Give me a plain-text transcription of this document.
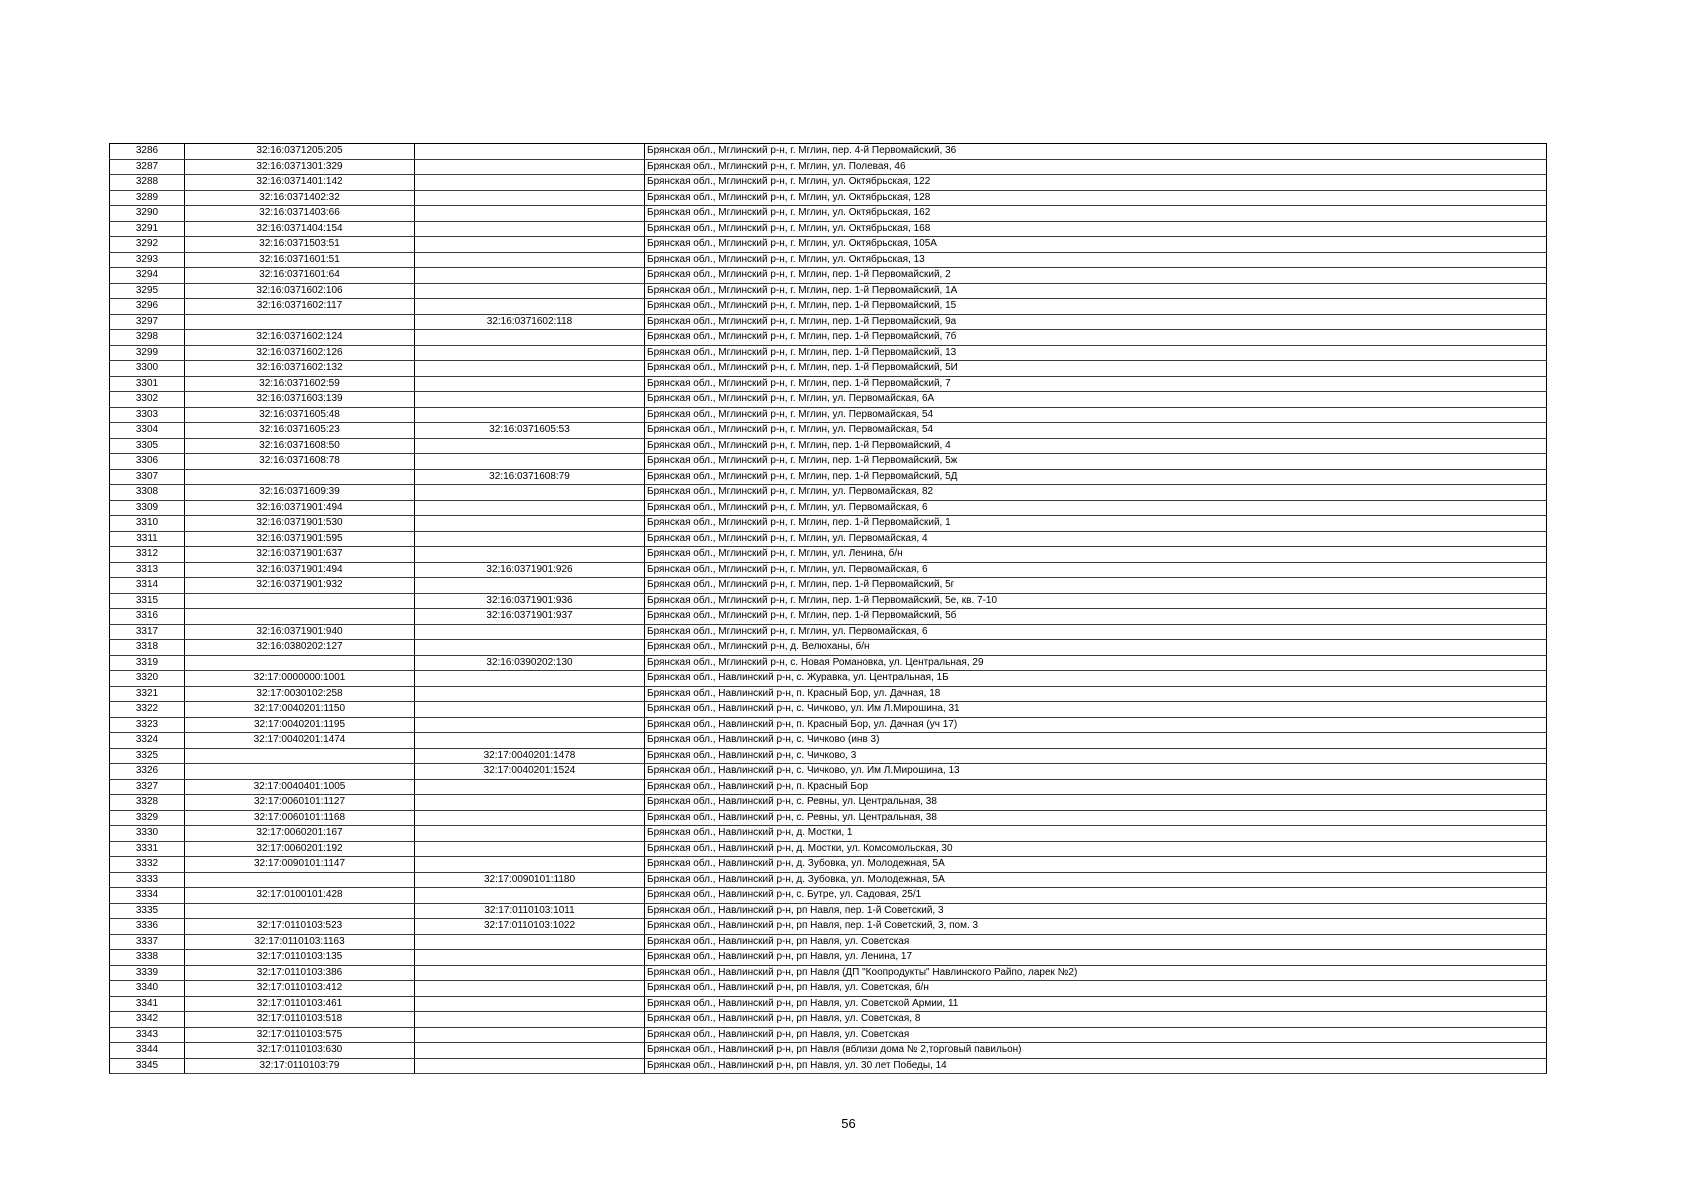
3286	32:16:0371205:205		Брянская обл., Мглинский р-н, г. Мглин, пер. 4-й Первомайский, 36
3287	32:16:0371301:329		Брянская обл., Мглинский р-н, г. Мглин, ул. Полевая, 46
3288	32:16:0371401:142		Брянская обл., Мглинский р-н, г. Мглин, ул. Октябрьская, 122
3289	32:16:0371402:32		Брянская обл., Мглинский р-н, г. Мглин, ул. Октябрьская, 128
3290	32:16:0371403:66		Брянская обл., Мглинский р-н, г. Мглин, ул. Октябрьская, 162
3291	32:16:0371404:154		Брянская обл., Мглинский р-н, г. Мглин, ул. Октябрьская, 168
3292	32:16:0371503:51		Брянская обл., Мглинский р-н, г. Мглин, ул. Октябрьская, 105А
3293	32:16:0371601:51		Брянская обл., Мглинский р-н, г. Мглин, ул. Октябрьская, 13
3294	32:16:0371601:64		Брянская обл., Мглинский р-н, г. Мглин, пер. 1-й Первомайский, 2
3295	32:16:0371602:106		Брянская обл., Мглинский р-н, г. Мглин, пер. 1-й Первомайский, 1А
3296	32:16:0371602:117		Брянская обл., Мглинский р-н, г. Мглин, пер. 1-й Первомайский, 15
3297		32:16:0371602:118	Брянская обл., Мглинский р-н, г. Мглин, пер. 1-й Первомайский, 9а
3298	32:16:0371602:124		Брянская обл., Мглинский р-н, г. Мглин, пер. 1-й Первомайский, 7б
3299	32:16:0371602:126		Брянская обл., Мглинский р-н, г. Мглин, пер. 1-й Первомайский, 13
3300	32:16:0371602:132		Брянская обл., Мглинский р-н, г. Мглин, пер. 1-й Первомайский, 5И
3301	32:16:0371602:59		Брянская обл., Мглинский р-н, г. Мглин, пер. 1-й Первомайский, 7
3302	32:16:0371603:139		Брянская обл., Мглинский р-н, г. Мглин, ул. Первомайская, 6А
3303	32:16:0371605:48		Брянская обл., Мглинский р-н, г. Мглин, ул. Первомайская, 54
3304	32:16:0371605:23	32:16:0371605:53	Брянская обл., Мглинский р-н, г. Мглин, ул. Первомайская, 54
3305	32:16:0371608:50		Брянская обл., Мглинский р-н, г. Мглин, пер. 1-й Первомайский, 4
3306	32:16:0371608:78		Брянская обл., Мглинский р-н, г. Мглин, пер. 1-й Первомайский, 5ж
3307		32:16:0371608:79	Брянская обл., Мглинский р-н, г. Мглин, пер. 1-й Первомайский, 5Д
3308	32:16:0371609:39		Брянская обл., Мглинский р-н, г. Мглин, ул. Первомайская, 82
3309	32:16:0371901:494		Брянская обл., Мглинский р-н, г. Мглин, ул. Первомайская, 6
3310	32:16:0371901:530		Брянская обл., Мглинский р-н, г. Мглин, пер. 1-й Первомайский, 1
3311	32:16:0371901:595		Брянская обл., Мглинский р-н, г. Мглин, ул. Первомайская, 4
3312	32:16:0371901:637		Брянская обл., Мглинский р-н, г. Мглин, ул. Ленина, б/н
3313	32:16:0371901:494	32:16:0371901:926	Брянская обл., Мглинский р-н, г. Мглин, ул. Первомайская, 6
3314	32:16:0371901:932		Брянская обл., Мглинский р-н, г. Мглин, пер. 1-й Первомайский, 5г
3315		32:16:0371901:936	Брянская обл., Мглинский р-н, г. Мглин, пер. 1-й Первомайский, 5е, кв. 7-10
3316		32:16:0371901:937	Брянская обл., Мглинский р-н, г. Мглин, пер. 1-й Первомайский, 5б
3317	32:16:0371901:940		Брянская обл., Мглинский р-н, г. Мглин, ул. Первомайская, 6
3318	32:16:0380202:127		Брянская обл., Мглинский р-н, д. Велюханы, б/н
3319		32:16:0390202:130	Брянская обл., Мглинский р-н, с. Новая Романовка, ул. Центральная, 29
3320	32:17:0000000:1001		Брянская обл., Навлинский р-н, с. Журавка, ул. Центральная, 1Б
3321	32:17:0030102:258		Брянская обл., Навлинский р-н, п. Красный Бор, ул. Дачная, 18
3322	32:17:0040201:1150		Брянская обл., Навлинский р-н, с. Чичково, ул. Им Л.Мирошина, 31
3323	32:17:0040201:1195		Брянская обл., Навлинский р-н, п. Красный Бор, ул. Дачная (уч 17)
3324	32:17:0040201:1474		Брянская обл., Навлинский р-н, с. Чичково (инв 3)
3325		32:17:0040201:1478	Брянская обл., Навлинский р-н, с. Чичково, 3
3326		32:17:0040201:1524	Брянская обл., Навлинский р-н, с. Чичково, ул. Им Л.Мирошина, 13
3327	32:17:0040401:1005		Брянская обл., Навлинский р-н, п. Красный Бор
3328	32:17:0060101:1127		Брянская обл., Навлинский р-н, с. Ревны, ул. Центральная, 38
3329	32:17:0060101:1168		Брянская обл., Навлинский р-н, с. Ревны, ул. Центральная, 38
3330	32:17:0060201:167		Брянская обл., Навлинский р-н, д. Мостки, 1
3331	32:17:0060201:192		Брянская обл., Навлинский р-н, д. Мостки, ул. Комсомольская, 30
3332	32:17:0090101:1147		Брянская обл., Навлинский р-н, д. Зубовка, ул. Молодежная, 5А
3333		32:17:0090101:1180	Брянская обл., Навлинский р-н, д. Зубовка, ул. Молодежная, 5А
3334	32:17:0100101:428		Брянская обл., Навлинский р-н, с. Бутре, ул. Садовая, 25/1
3335		32:17:0110103:1011	Брянская обл., Навлинский р-н, рп Навля, пер. 1-й Советский, 3
3336	32:17:0110103:523	32:17:0110103:1022	Брянская обл., Навлинский р-н, рп Навля, пер. 1-й Советский, 3, пом. 3
3337	32:17:0110103:1163		Брянская обл., Навлинский р-н, рп Навля, ул. Советская
3338	32:17:0110103:135		Брянская обл., Навлинский р-н, рп Навля, ул. Ленина, 17
3339	32:17:0110103:386		Брянская обл., Навлинский р-н, рп Навля (ДП "Коопродукты" Навлинского Райпо, ларек №2)
3340	32:17:0110103:412		Брянская обл., Навлинский р-н, рп Навля, ул. Советская, б/н
3341	32:17:0110103:461		Брянская обл., Навлинский р-н, рп Навля, ул. Советской Армии, 11
3342	32:17:0110103:518		Брянская обл., Навлинский р-н, рп Навля, ул. Советская, 8
3343	32:17:0110103:575		Брянская обл., Навлинский р-н, рп Навля, ул. Советская
3344	32:17:0110103:630		Брянская обл., Навлинский р-н, рп Навля (вблизи дома № 2,торговый павильон)
3345	32:17:0110103:79		Брянская обл., Навлинский р-н, рп Навля, ул. 30 лет Победы, 14
56
